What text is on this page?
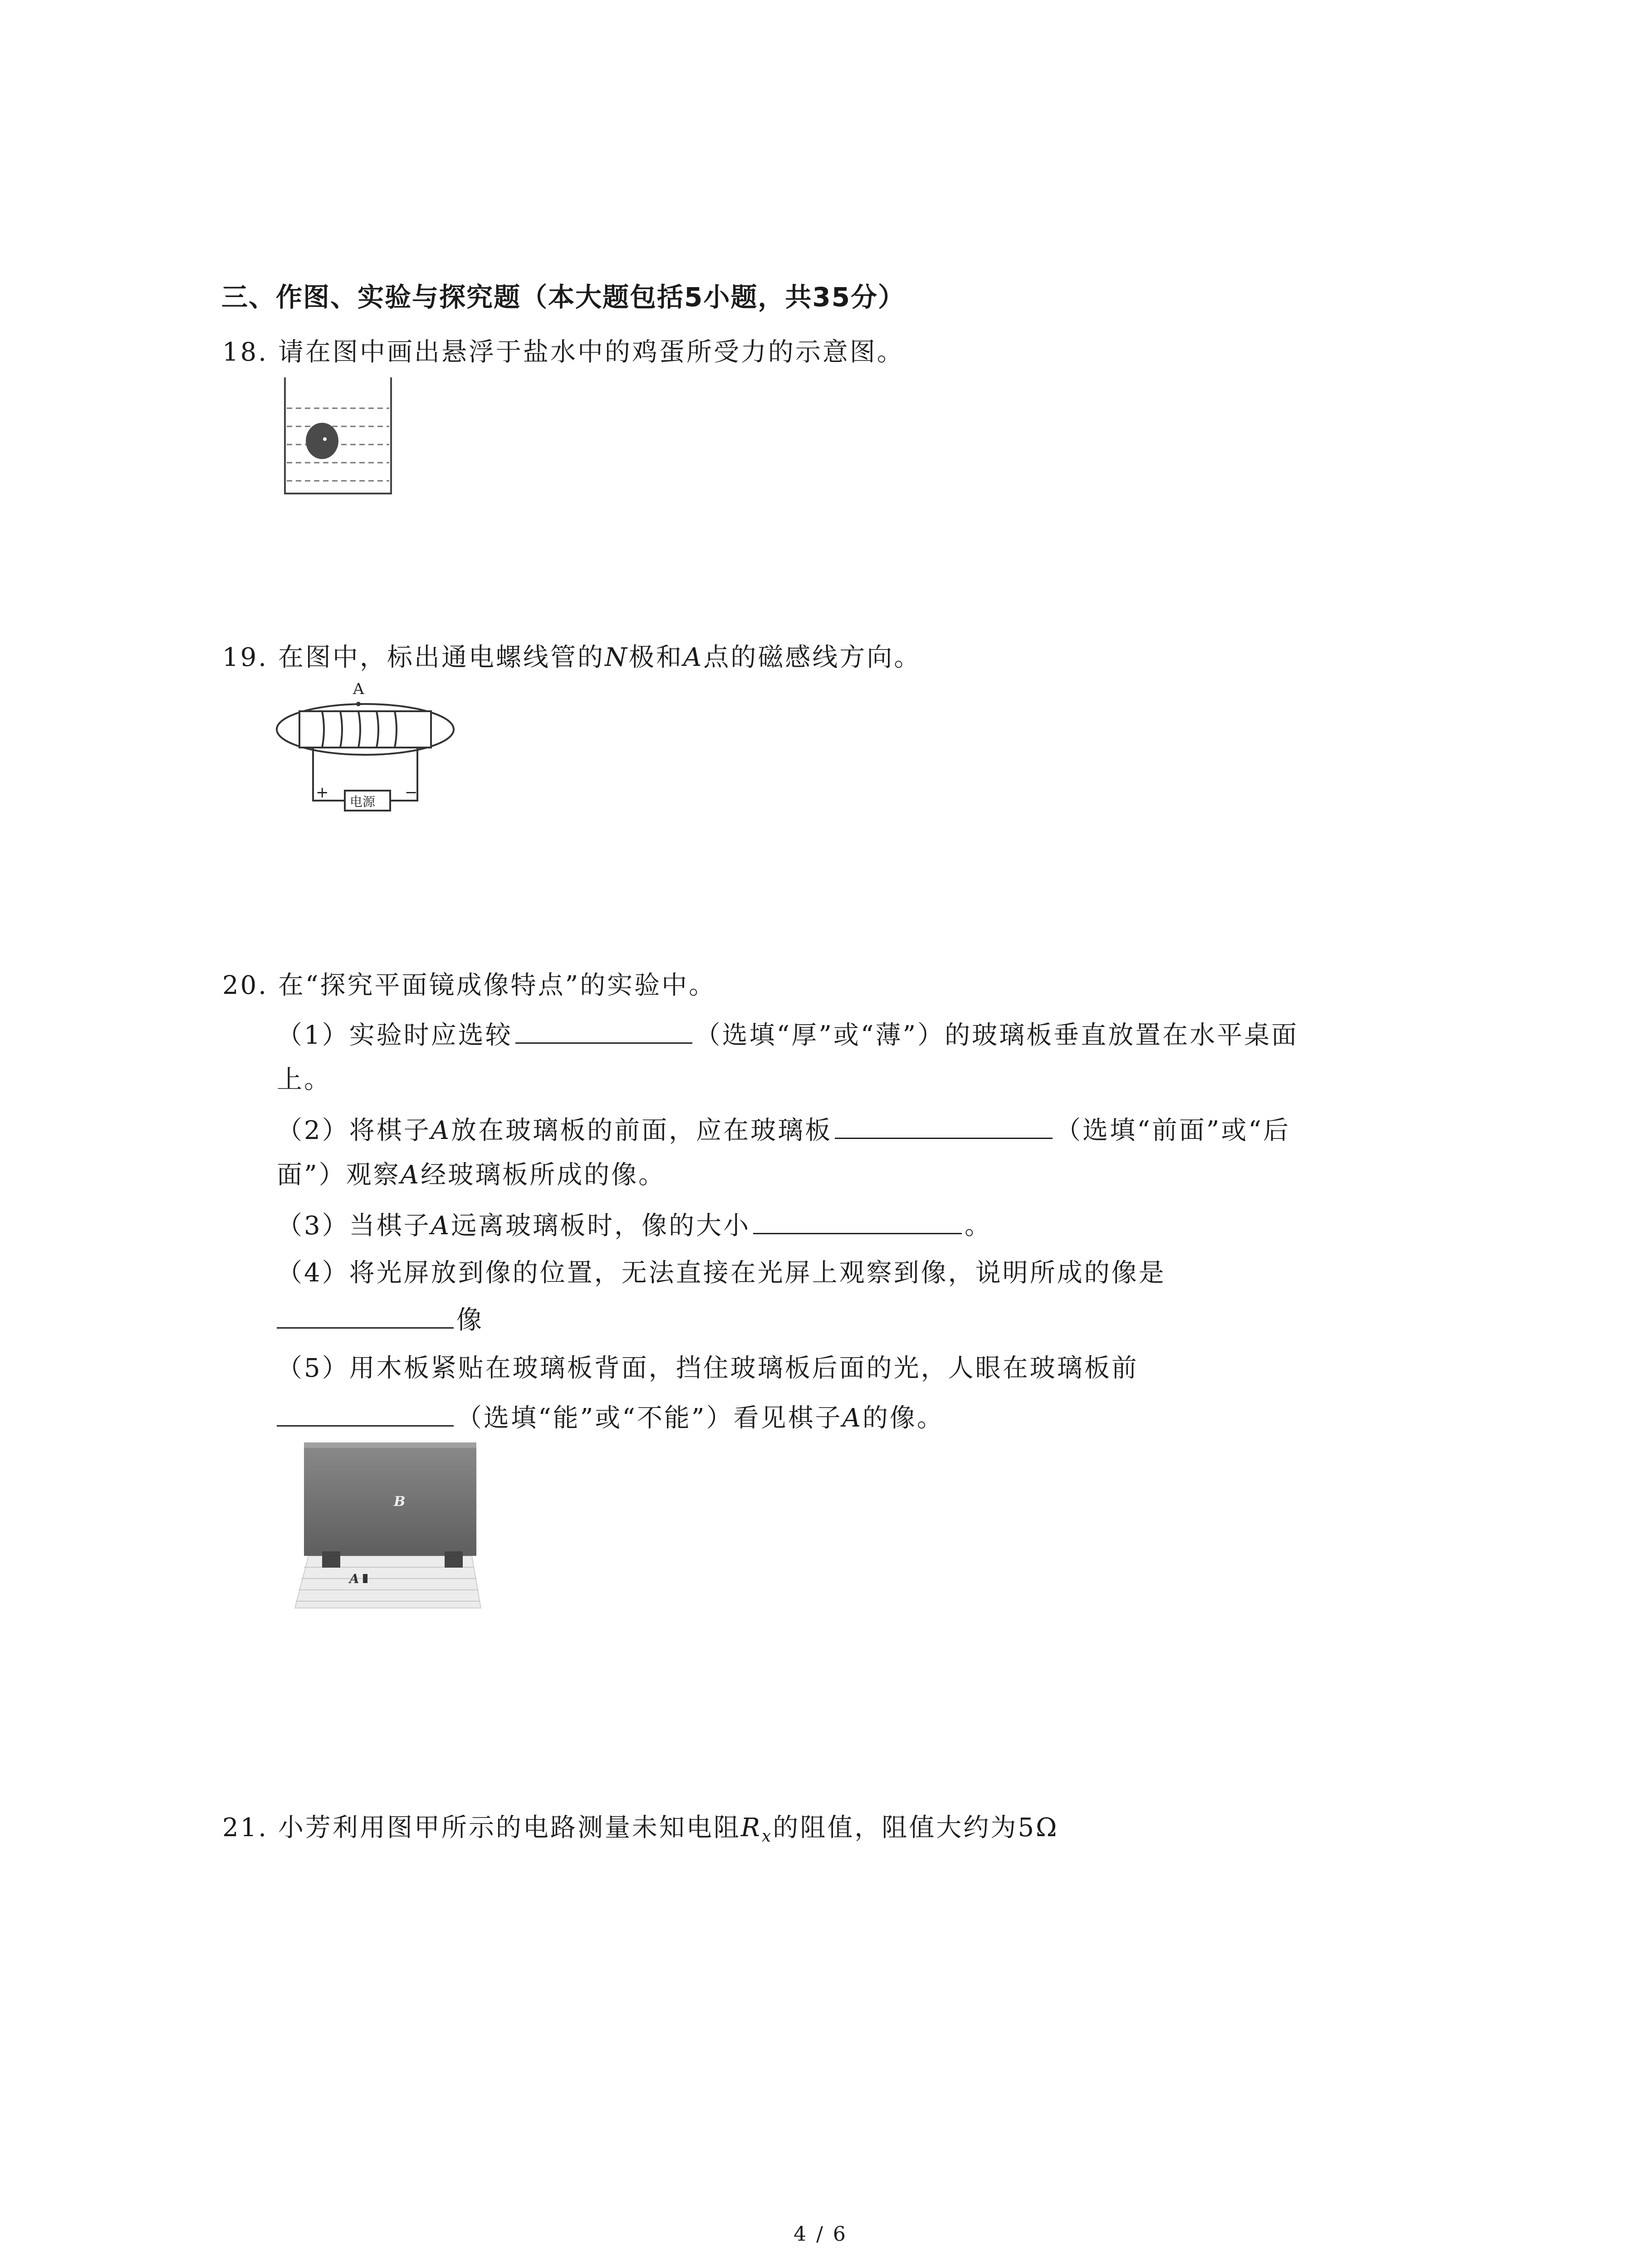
三、作图、实验与探究题（本大题包括5小题，共35分）
18. 请在图中画出悬浮于盐水中的鸡蛋所受力的示意图。
19. 在图中，标出通电螺线管的N极和A点的磁感线方向。
A
+	−
电源
20. 在“探究平面镜成像特点”的实验中。
（1）实验时应选较	（选填“厚”或“薄”）的玻璃板垂直放置在水平桌面
上。
（2）将棋子A放在玻璃板的前面，应在玻璃板	（选填“前面”或“后
面”）观察A经玻璃板所成的像。
（3）当棋子A远离玻璃板时，像的大小	。
（4）将光屏放到像的位置，无法直接在光屏上观察到像，说明所成的像是
像
（5）用木板紧贴在玻璃板背面，挡住玻璃板后面的光，人眼在玻璃板前
（选填“能”或“不能”）看见棋子A的像。
B
A
21. 小芳利用图甲所示的电路测量未知电阻$R_x$的阻值，阻值大约为5Ω
4 / 6
